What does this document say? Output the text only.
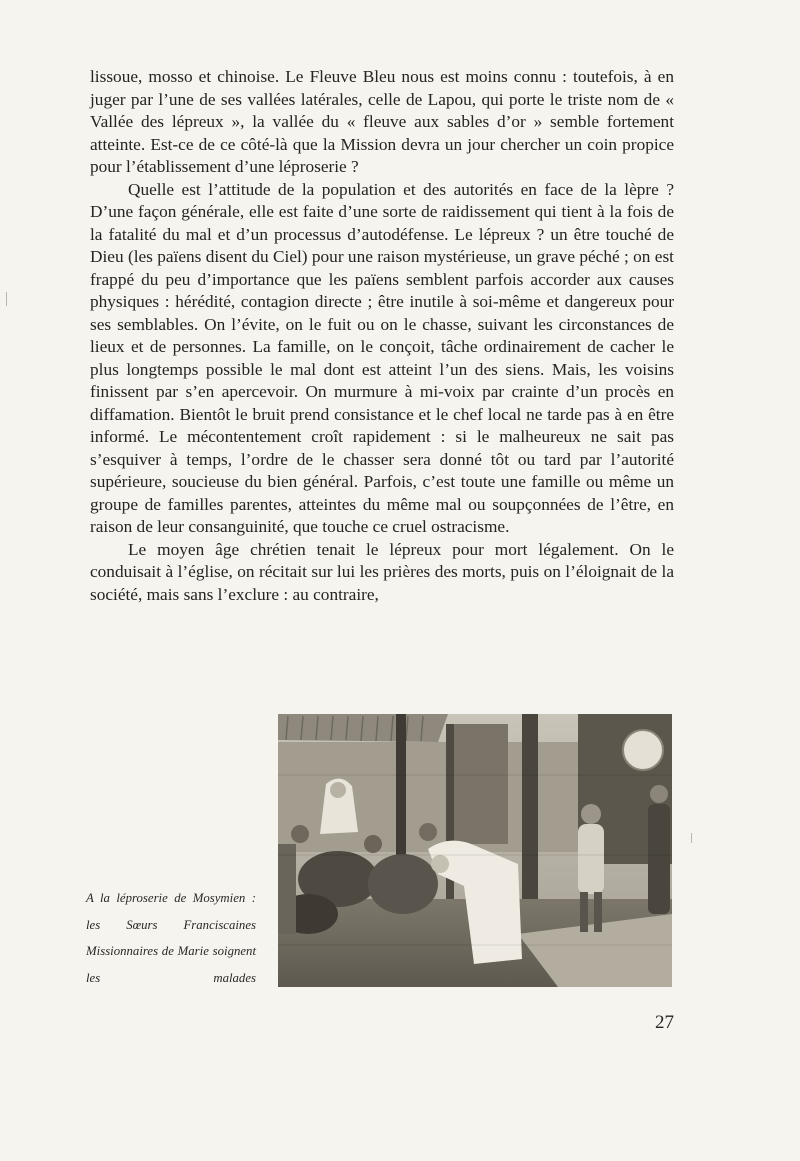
lissoue, mosso et chinoise. Le Fleuve Bleu nous est moins connu : toutefois, à en juger par l’une de ses vallées latérales, celle de Lapou, qui porte le triste nom de « Vallée des lépreux », la vallée du « fleuve aux sables d’or » semble fortement atteinte. Est-ce de ce côté-là que la Mission devra un jour chercher un coin propice pour l’établissement d’une léproserie ?

Quelle est l’attitude de la population et des autorités en face de la lèpre ? D’une façon générale, elle est faite d’une sorte de raidissement qui tient à la fois de la fatalité du mal et d’un processus d’autodéfense. Le lépreux ? un être touché de Dieu (les païens disent du Ciel) pour une raison mystérieuse, un grave péché ; on est frappé du peu d’importance que les païens semblent parfois accorder aux causes physiques : hérédité, contagion directe ; être inutile à soi-même et dangereux pour ses semblables. On l’évite, on le fuit ou on le chasse, suivant les circonstances de lieux et de personnes. La famille, on le conçoit, tâche ordinairement de cacher le plus longtemps possible le mal dont est atteint l’un des siens. Mais, les voisins finissent par s’en apercevoir. On murmure à mi-voix par crainte d’un procès en diffamation. Bientôt le bruit prend consistance et le chef local ne tarde pas à en être informé. Le mécontentement croît rapidement : si le malheureux ne sait pas s’esquiver à temps, l’ordre de le chasser sera donné tôt ou tard par l’autorité supérieure, soucieuse du bien général. Parfois, c’est toute une famille ou même un groupe de familles parentes, atteintes du même mal ou soupçonnées de l’être, en raison de leur consanguinité, que touche ce cruel ostracisme.

Le moyen âge chrétien tenait le lépreux pour mort légalement. On le conduisait à l’église, on récitait sur lui les prières des morts, puis on l’éloignait de la société, mais sans l’exclure : au contraire,

A la léproserie de Mosymien : les Sœurs Franciscaines Missionnaires de Marie soignent les malades

27
